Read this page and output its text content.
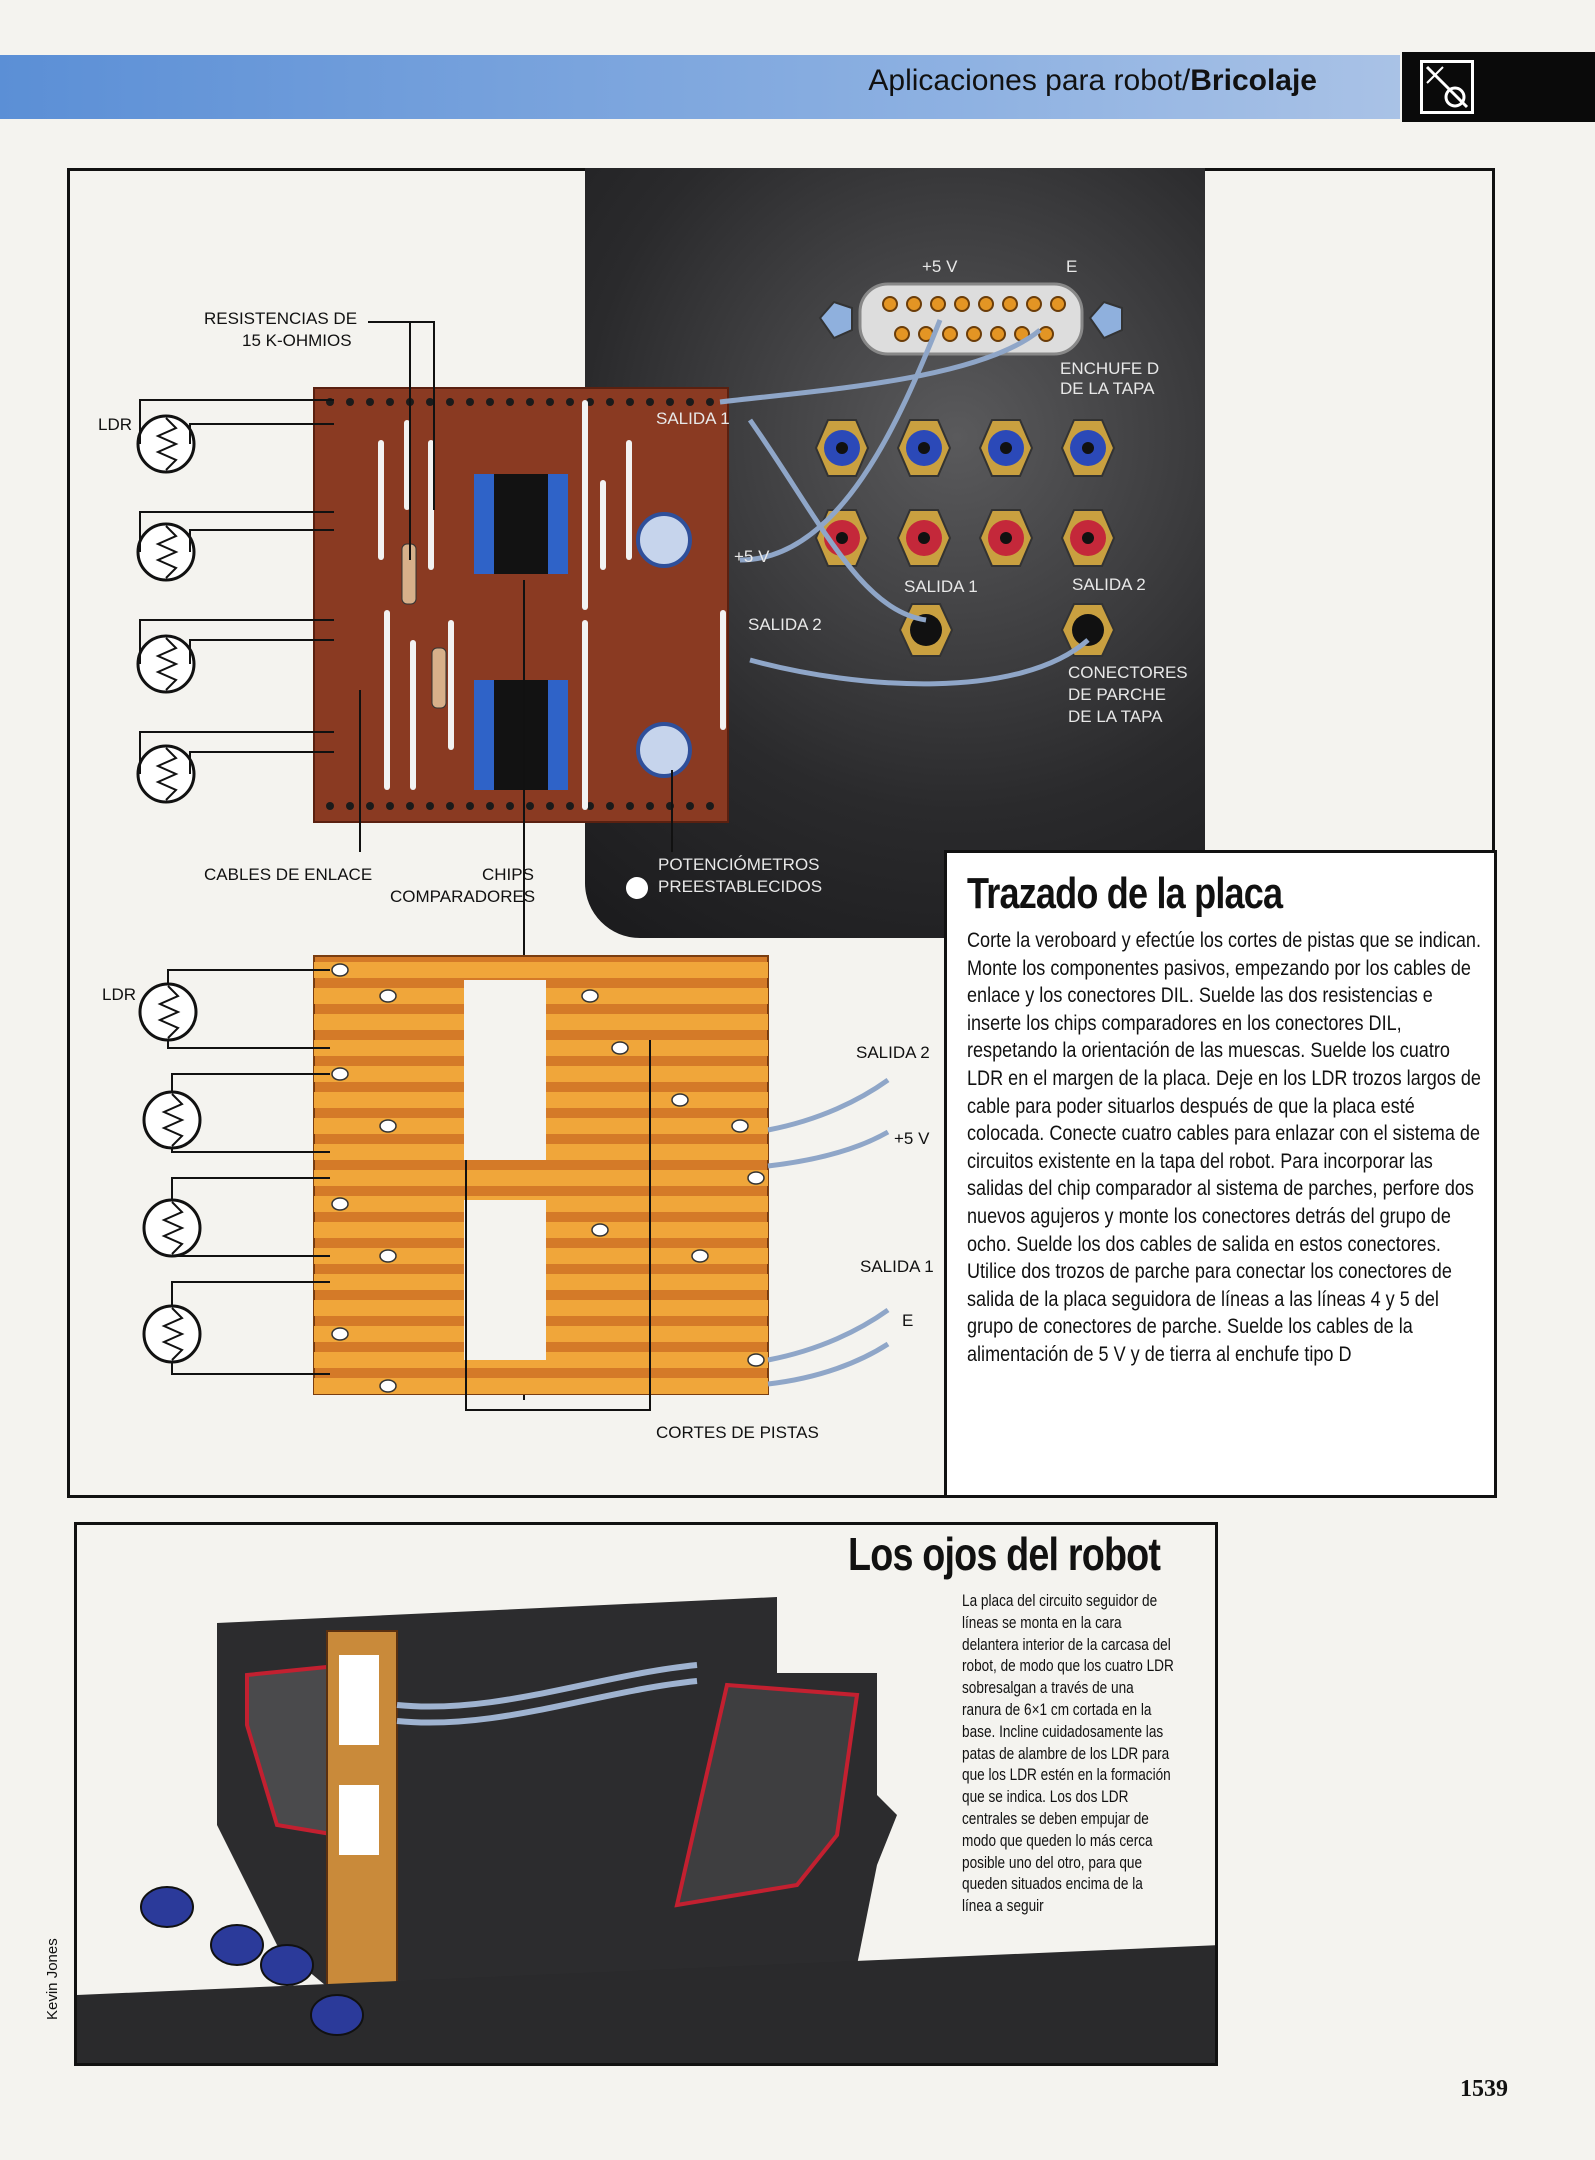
Aplicaciones para robot/Bricolaje
+5 V	E
ENCHUFE D
DE LA TAPA
SALIDA 1	SALIDA 2
CONECTORES
DE PARCHE
DE LA TAPA
SALIDA 1
+5 V
SALIDA 2
RESISTENCIAS DE
15 K-OHMIOS
LDR
CABLES DE ENLACE	CHIPS
COMPARADORES
POTENCIÓMETROS
PREESTABLECIDOS
SALIDA 2
+5 V
SALIDA 1
E
CORTES DE PISTAS
LDR
Trazado de la placa

Corte la veroboard y efectúe los cortes de pistas que se indican. Monte los componentes pasivos, empezando por los cables de enlace y los conectores DIL. Suelde las dos resistencias e inserte los chips comparadores en los conectores DIL, respetando la orientación de las muescas. Suelde los cuatro LDR en el margen de la placa. Deje en los LDR trozos largos de cable para poder situarlos después de que la placa esté colocada. Conecte cuatro cables para enlazar con el sistema de circuitos existente en la tapa del robot. Para incorporar las salidas del chip comparador al sistema de parches, perfore dos nuevos agujeros y monte los conectores detrás del grupo de ocho. Suelde los dos cables de salida en estos conectores. Utilice dos trozos de parche para conectar los conectores de salida de la placa seguidora de líneas a las líneas 4 y 5 del grupo de conectores de parche. Suelde los cables de la alimentación de 5 V y de tierra al enchufe tipo D

Los ojos del robot
La placa del circuito seguidor de líneas se monta en la cara delantera interior de la carcasa del robot, de modo que los cuatro LDR sobresalgan a través de una ranura de 6×1 cm cortada en la base. Incline cuidadosamente las patas de alambre de los LDR para que los LDR estén en la formación que se indica. Los dos LDR centrales se deben empujar de modo que queden lo más cerca posible uno del otro, para que queden situados encima de la línea a seguir
Kevin Jones
1539
